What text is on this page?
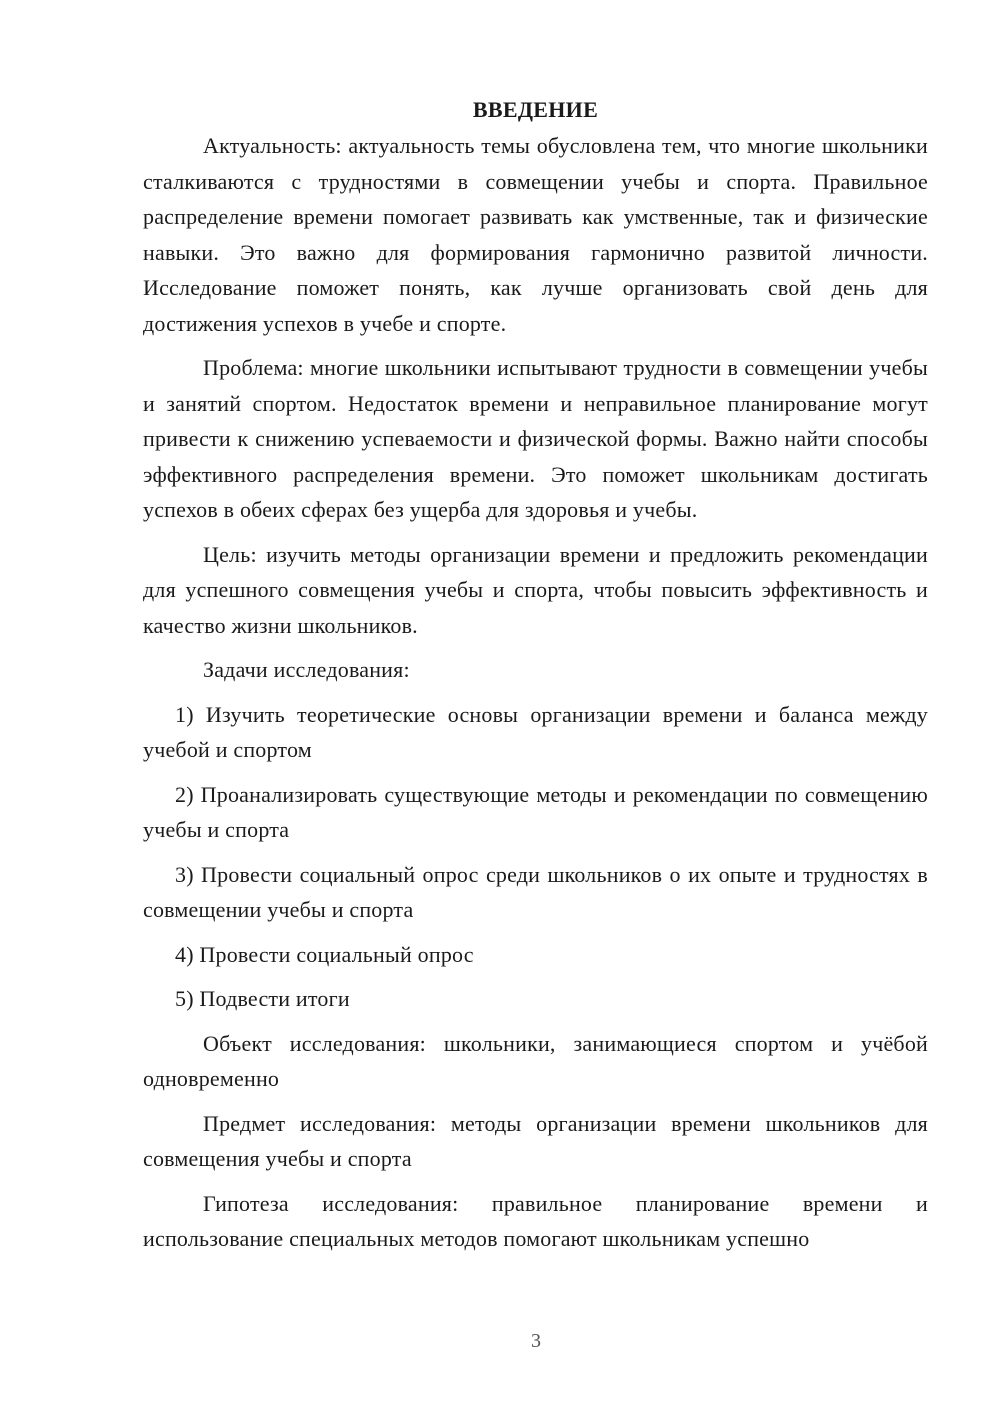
ВВЕДЕНИЕ

Актуальность: актуальность темы обусловлена тем, что многие школьники сталкиваются с трудностями в совмещении учебы и спорта. Правильное распределение времени помогает развивать как умственные, так и физические навыки. Это важно для формирования гармонично развитой личности. Исследование поможет понять, как лучше организовать свой день для достижения успехов в учебе и спорте.

Проблема: многие школьники испытывают трудности в совмещении учебы и занятий спортом. Недостаток времени и неправильное планирование могут привести к снижению успеваемости и физической формы. Важно найти способы эффективного распределения времени. Это поможет школьникам достигать успехов в обеих сферах без ущерба для здоровья и учебы.

Цель: изучить методы организации времени и предложить рекомендации для успешного совмещения учебы и спорта, чтобы повысить эффективность и качество жизни школьников.

Задачи исследования:

1) Изучить теоретические основы организации времени и баланса между учебой и спортом

2) Проанализировать существующие методы и рекомендации по совмещению учебы и спорта

3) Провести социальный опрос среди школьников о их опыте и трудностях в совмещении учебы и спорта

4) Провести социальный опрос

5) Подвести итоги

Объект исследования: школьники, занимающиеся спортом и учёбой одновременно

Предмет исследования: методы организации времени школьников для совмещения учебы и спорта

Гипотеза исследования: правильное планирование времени и использование специальных методов помогают школьникам успешно

3
